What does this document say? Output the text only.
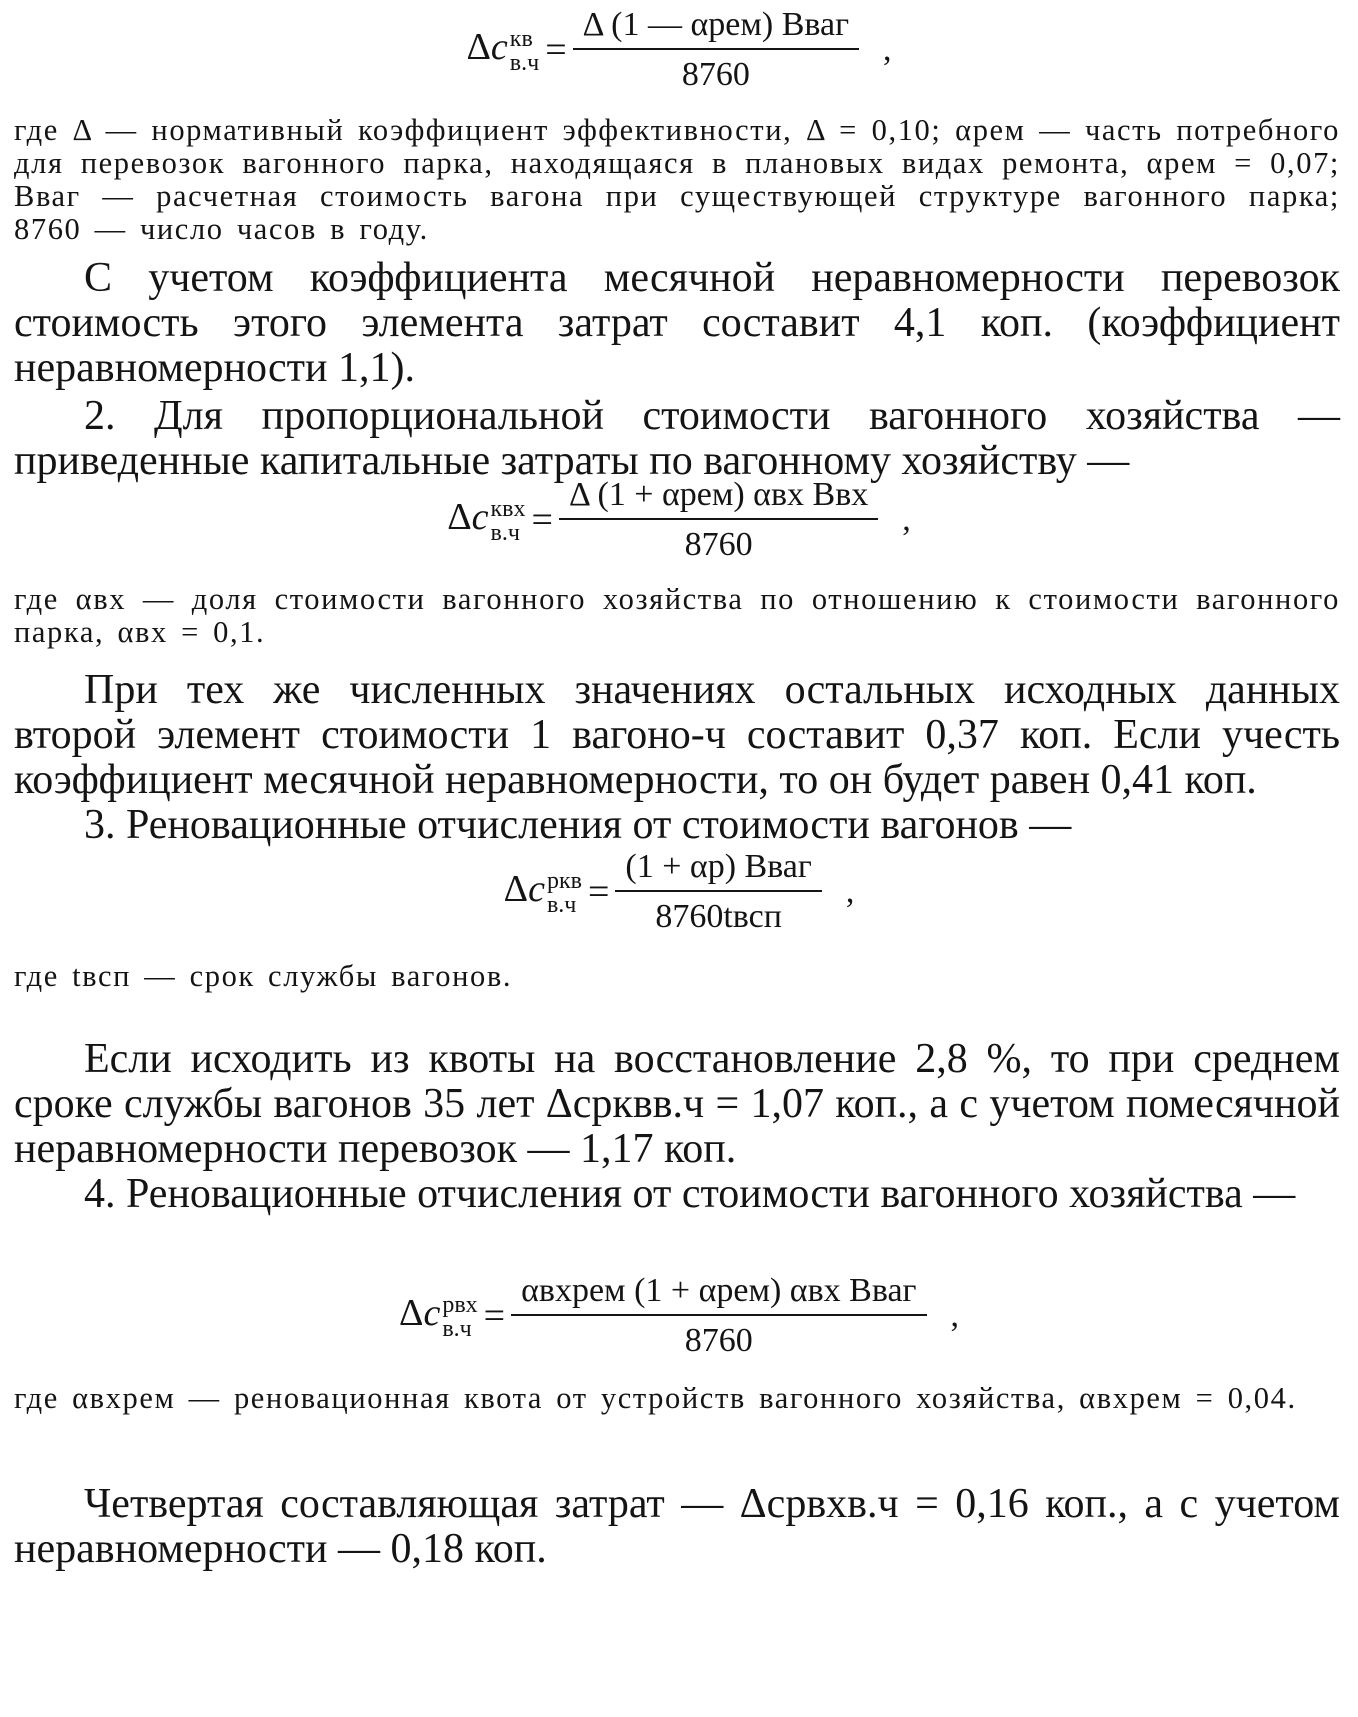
Δc кв
$в.ч = \frac{\text{Δ (1 — αрем) Bваг}}{8760}$ ,

где Δ — нормативный коэффициент эффективности, Δ = 0,10; αрем — часть потребного для перевозок вагонного парка, находящаяся в плановых видах ремонта, αрем = 0,07; Bваг — расчетная стоимость вагона при существующей структуре вагонного парка; 8760 — число часов в году.

С учетом коэффициента месячной неравномерности перевозок стоимость этого элемента затрат составит 4,1 коп. (коэффициент неравномерности 1,1).

2. Для пропорциональной стоимости вагонного хозяйства — приведенные капитальные затраты по вагонному хозяйству —

Δc квх
$в.ч = \frac{\text{Δ (1 + αрем) αвх Bвх}}{8760}$ ,

где αвх — доля стоимости вагонного хозяйства по отношению к стоимости вагонного парка, αвх = 0,1.

При тех же численных значениях остальных исходных данных второй элемент стоимости 1 вагоно-ч составит 0,37 коп. Если учесть коэффициент месячной неравномерности, то он будет равен 0,41 коп.

3. Реновационные отчисления от стоимости вагонов —

Δc ркв
$в.ч = \frac{\text{(1 + αр) Bваг}}{\text{8760tвсп}}$ ,

где tвсп — срок службы вагонов.

Если исходить из квоты на восстановление 2,8 %, то при среднем сроке службы вагонов 35 лет Δcрквв.ч = 1,07 коп., а с учетом помесячной неравномерности перевозок — 1,17 коп.

4. Реновационные отчисления от стоимости вагонного хозяйства —

Δc рвх
$в.ч = \frac{\text{αвхрем (1 + αрем) αвх Bваг}}{8760}$ ,

где αвхрем — реновационная квота от устройств вагонного хозяйства, αвхрем = 0,04.

Четвертая составляющая затрат — Δcрвхв.ч = 0,16 коп., а с учетом неравномерности — 0,18 коп.
